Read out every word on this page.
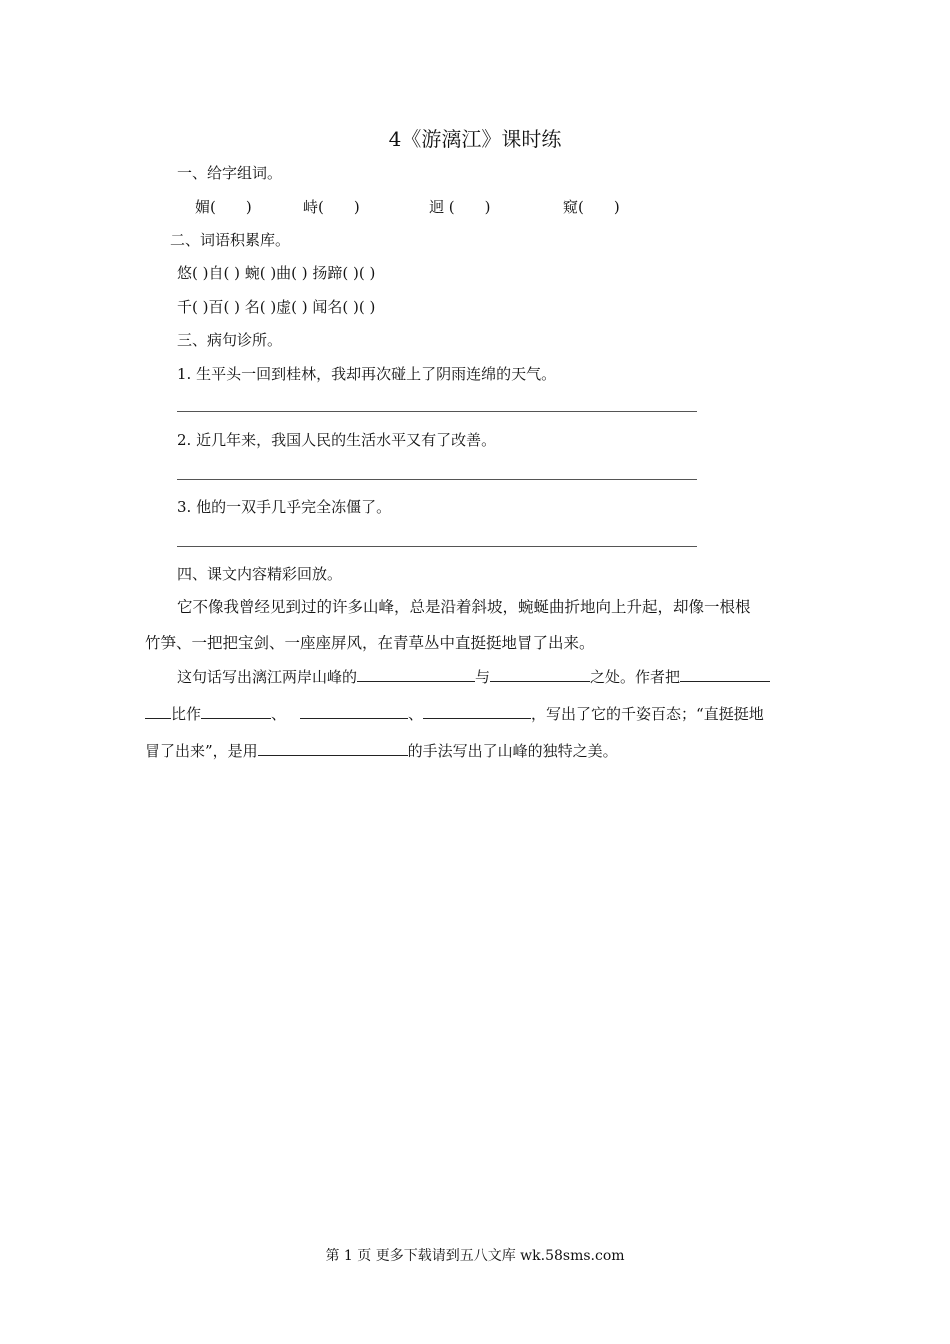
4《游漓江》课时练
一、给字组词。
媚(　　)	峙(　　)	迥 (　　)	窥(　　)
二、词语积累库。
悠( )自( ) 蜿( )曲( ) 扬蹄( )( )
千( )百( ) 名( )虚( ) 闻名( )( )
三、病句诊所。
1. 生平头一回到桂林，我却再次碰上了阴雨连绵的天气。
2. 近几年来，我国人民的生活水平又有了改善。
3. 他的一双手几乎完全冻僵了。
四、课文内容精彩回放。
它不像我曾经见到过的许多山峰，总是沿着斜坡，蜿蜒曲折地向上升起，却像一根根
竹笋、一把把宝剑、一座座屏风，在青草丛中直挺挺地冒了出来。
这句话写出漓江两岸山峰的	与	之处。作者把
比作	、	、	，写出了它的千姿百态；“直挺挺地
冒了出来”，是用	的手法写出了山峰的独特之美。
第 1 页 更多下载请到五八文库 wk.58sms.com
